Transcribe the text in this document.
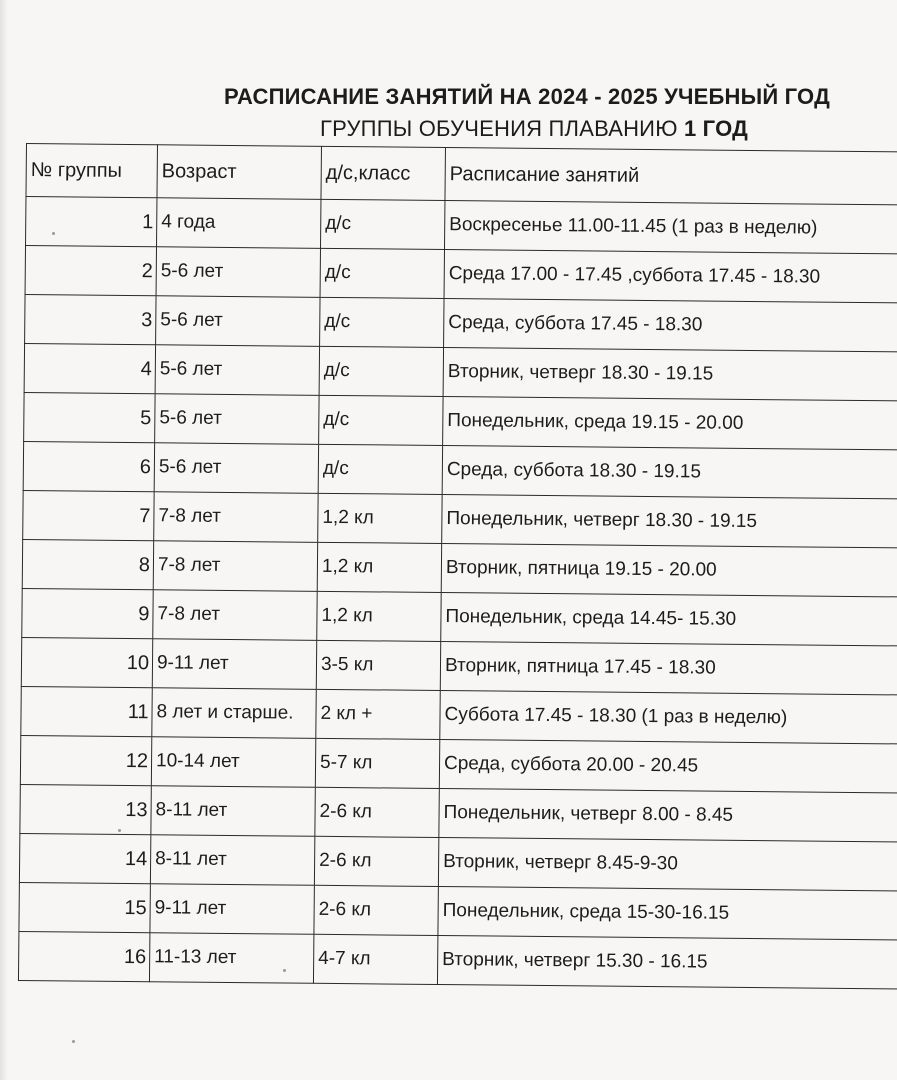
РАСПИСАНИЕ ЗАНЯТИЙ НА 2024 - 2025 УЧЕБНЫЙ ГОД
ГРУППЫ ОБУЧЕНИЯ ПЛАВАНИЮ 1 ГОД
№ группы	Возраст	д/с,класс	Расписание занятий
1	4 года	д/с	Воскресенье 11.00-11.45 (1 раз в неделю)
2	5-6 лет	д/с	Среда 17.00 - 17.45 ,суббота 17.45 - 18.30
3	5-6 лет	д/с	Среда, суббота 17.45 - 18.30
4	5-6 лет	д/с	Вторник, четверг 18.30 - 19.15
5	5-6 лет	д/с	Понедельник, среда 19.15 - 20.00
6	5-6 лет	д/с	Среда, суббота 18.30 - 19.15
7	7-8 лет	1,2 кл	Понедельник, четверг 18.30 - 19.15
8	7-8 лет	1,2 кл	Вторник, пятница 19.15 - 20.00
9	7-8 лет	1,2 кл	Понедельник, среда 14.45- 15.30
10	9-11 лет	3-5 кл	Вторник, пятница 17.45 - 18.30
11	8 лет и старше.	2 кл +	Суббота 17.45 - 18.30 (1 раз в неделю)
12	10-14 лет	5-7 кл	Среда, суббота 20.00 - 20.45
13	8-11 лет	2-6 кл	Понедельник, четверг 8.00 - 8.45
14	8-11 лет	2-6 кл	Вторник, четверг 8.45-9-30
15	9-11 лет	2-6 кл	Понедельник, среда 15-30-16.15
16	11-13 лет	4-7 кл	Вторник, четверг 15.30 - 16.15
